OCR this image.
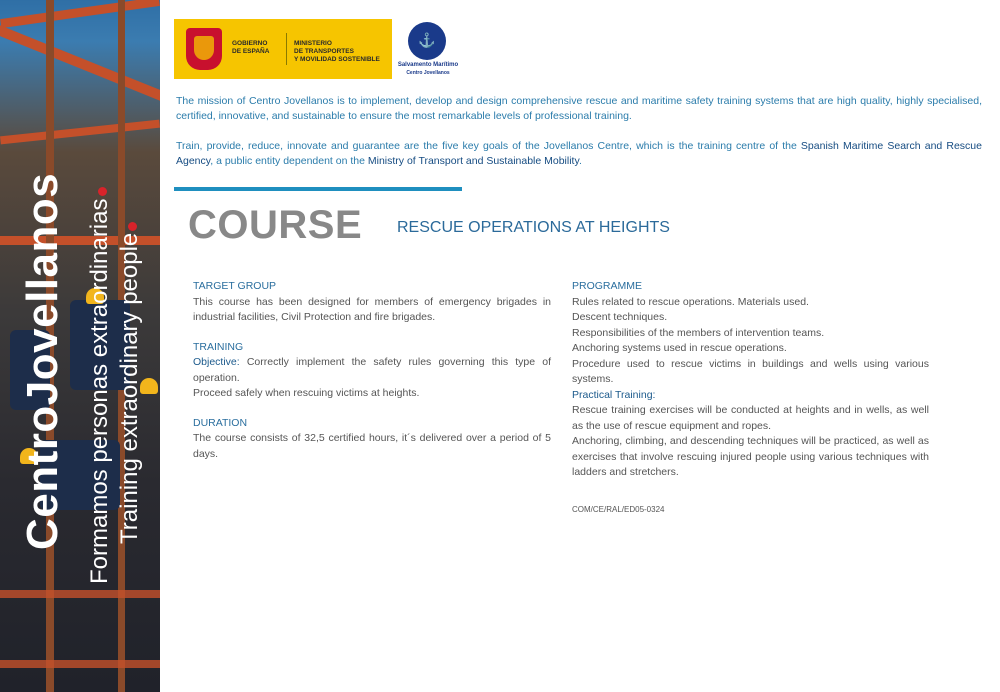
CentroJovellanos Formamos personas extraordinarias Training extraordinary people
GOBIERNO
DE ESPAÑA
MINISTERIO
DE TRANSPORTES
Y MOVILIDAD SOSTENIBLE
⚓
Salvamento Marítimo
Centro Jovellanos
The mission of Centro Jovellanos is to implement, develop and design comprehensive rescue and maritime safety training systems that are high quality, highly specialised, certified, innovative, and sustainable to ensure the most remarkable levels of professional training.
Train, provide, reduce, innovate and guarantee are the five key goals of the Jovellanos Centre, which is the training centre of the Spanish Maritime Search and Rescue Agency, a public entity dependent on the Ministry of Transport and Sustainable Mobility.
COURSE RESCUE OPERATIONS AT HEIGHTS
TARGET GROUP
This course has been designed for members of emergency brigades in industrial facilities, Civil Protection and fire brigades.
TRAINING
Objective: Correctly implement the safety rules governing this type of operation.
Proceed safely when rescuing victims at heights.
DURATION
The course consists of 32,5 certified hours, it´s delivered over a period of 5 days.
PROGRAMME
Rules related to rescue operations. Materials used.
Descent techniques.
Responsibilities of the members of intervention teams.
Anchoring systems used in rescue operations.
Procedure used to rescue victims in buildings and wells using various systems.
Practical Training:
Rescue training exercises will be conducted at heights and in wells, as well as the use of rescue equipment and ropes.
Anchoring, climbing, and descending techniques will be practiced, as well as exercises that involve rescuing injured people using various techniques with ladders and stretchers.
COM/CE/RAL/ED05-0324
